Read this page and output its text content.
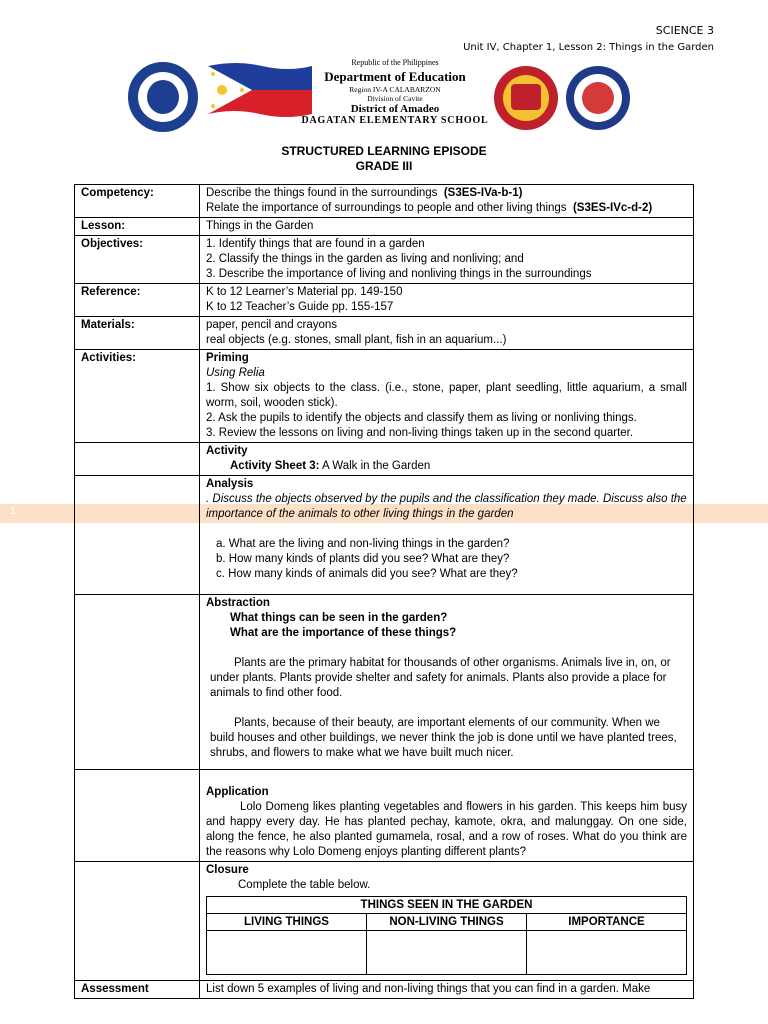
SCIENCE 3
Unit IV, Chapter 1, Lesson 2: Things in the Garden
Republic of the Philippines
Department of Education
Region IV-A CALABARZON
Division of Cavite
District of Amadeo
DAGATAN ELEMENTARY SCHOOL
STRUCTURED LEARNING EPISODE
GRADE III
1
Competency:	Describe the things found in the surroundings (S3ES-IVa-b-1)
Relate the importance of surroundings to people and other living things (S3ES-IVc-d-2)

Lesson:	Things in the Garden
Objectives:	1. Identify things that are found in a garden
2. Classify the things in the garden as living and nonliving; and
3. Describe the importance of living and nonliving things in the surroundings

Reference:	K to 12 Learner’s Material pp. 149-150
K to 12 Teacher’s Guide pp. 155-157

Materials:	paper, pencil and crayons
real objects (e.g. stones, small plant, fish in an aquarium...)

Activities:	Priming
Using Relia
1. Show six objects to the class. (i.e., stone, paper, plant seedling, little aquarium, a small worm, soil, wooden stick).
2. Ask the pupils to identify the objects and classify them as living or nonliving things.
3. Review the lessons on living and non-living things taken up in the second quarter.

Activity
Activity Sheet 3: A Walk in the Garden

Analysis
. Discuss the objects observed by the pupils and the classification they made. Discuss also the importance of the animals to other living things in the garden
a. What are the living and non-living things in the garden?
b. How many kinds of plants did you see? What are they?
c. How many kinds of animals did you see? What are they?

Abstraction
What things can be seen in the garden?
What are the importance of these things?
Plants are the primary habitat for thousands of other organisms. Animals live in, on, or under plants. Plants provide shelter and safety for animals. Plants also provide a place for animals to find other food.
Plants, because of their beauty, are important elements of our community. When we build houses and other buildings, we never think the job is done until we have planted trees, shrubs, and flowers to make what we have built much nicer.

Application
Lolo Domeng likes planting vegetables and flowers in his garden. This keeps him busy and happy every day. He has planted pechay, kamote, okra, and malunggay. On one side, along the fence, he also planted gumamela, rosal, and a row of roses. What do you think are the reasons why Lolo Domeng enjoys planting different plants?

Closure
Complete the table below.
THINGS SEEN IN THE GARDEN
LIVING THINGS	NON-LIVING THINGS	IMPORTANCE

Assessment	List down 5 examples of living and non-living things that you can find in a garden. Make
